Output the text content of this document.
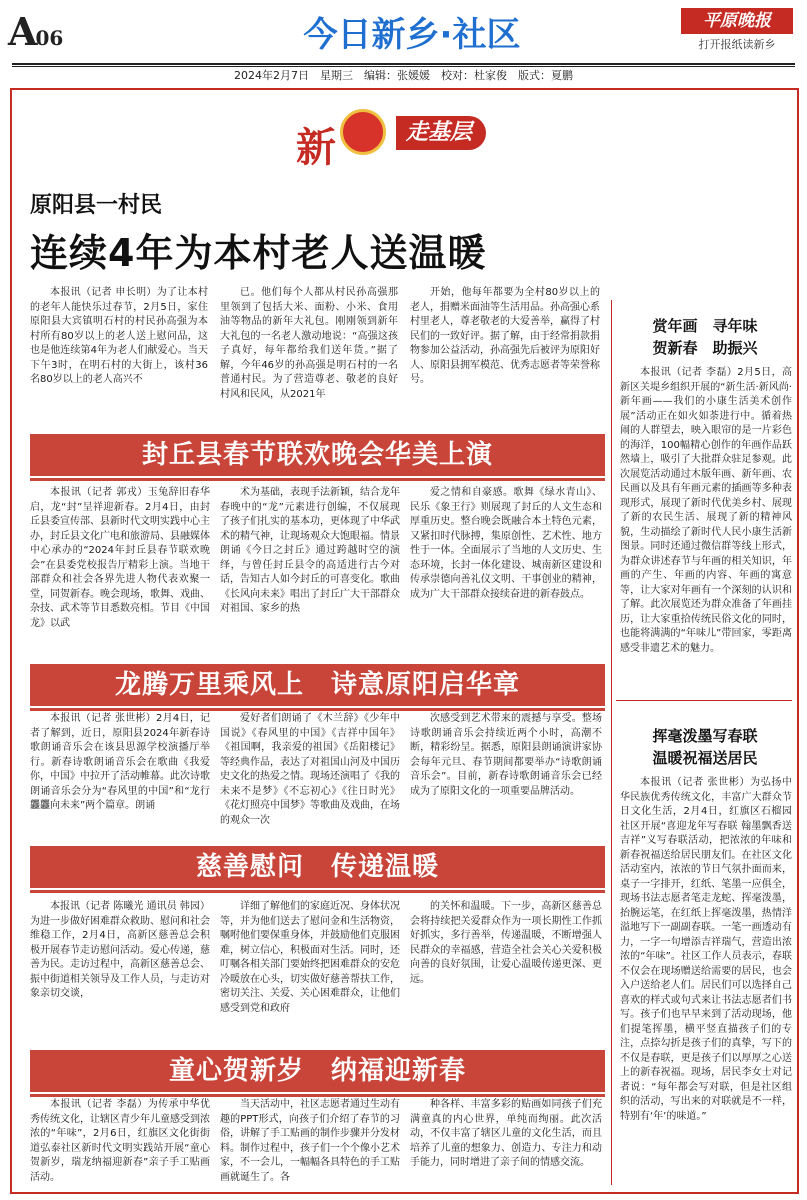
A06	今日新乡·社区	平原晚报
打开报纸读新乡
2024年2月7日　星期三　编辑：张媛媛　校对：杜家俊　版式：夏鹏
新	走基层
原阳县一村民
连续4年为本村老人送温暖

本报讯（记者 申长明）为了让本村的老年人能快乐过春节，2月5日，家住原阳县大宾镇明石村的村民孙高强为本村所有80岁以上的老人送上慰问品，这也是他连续第4年为老人们献爱心。当天下午3时，在明石村的大街上，该村36名80岁以上的老人高兴不

已。他们每个人都从村民孙高强那里领到了包括大米、面粉、小米、食用油等物品的新年大礼包。刚刚领到新年大礼包的一名老人激动地说：“高强这孩子真好，每年都给我们送年货。”据了解，今年46岁的孙高强是明石村的一名普通村民。为了营造尊老、敬老的良好村风和民风，从2021年

开始，他每年都要为全村80岁以上的老人，捐赠米面油等生活用品。孙高强心系村里老人，尊老敬老的大爱善举，赢得了村民们的一致好评。据了解，由于经常捐款捐物参加公益活动，孙高强先后被评为原阳好人、原阳县拥军模范、优秀志愿者等荣誉称号。

赏年画　寻年味
贺新春　助振兴

本报讯（记者 李磊）2月5日，高新区关堤乡组织开展的“新生活·新风尚·新年画——我们的小康生活美术创作展”活动正在如火如荼进行中。循着热闹的人群望去，映入眼帘的是一片彩色的海洋，100幅精心创作的年画作品跃然墙上，吸引了大批群众驻足参观。此次展览活动通过木版年画、新年画、农民画以及具有年画元素的插画等多种表现形式，展现了新时代优美乡村、展现了新的农民生活、展现了新的精神风貌，生动描绘了新时代人民小康生活新图景。同时还通过微信群等线上形式，为群众讲述春节与年画的相关知识，年画的产生、年画的内容、年画的寓意等，让大家对年画有一个深刻的认识和了解。此次展览还为群众准备了年画挂历，让大家重拾传统民俗文化的同时，也能将满满的“年味儿”带回家，零距离感受非遗艺术的魅力。

挥毫泼墨写春联
温暖祝福送居民

本报讯（记者 张世彬）为弘扬中华民族优秀传统文化，丰富广大群众节日文化生活，2月4日，红旗区石榴园社区开展“喜迎龙年写春联 翰墨飘香送吉祥”义写春联活动，把浓浓的年味和新春祝福送给居民朋友们。在社区文化活动室内，浓浓的节日气氛扑面而来，桌子一字排开，红纸、笔墨一应俱全，现场书法志愿者笔走龙蛇、挥毫泼墨，抬腕运笔，在红纸上挥毫泼墨，热情洋溢地写下一副副春联。一笔一画透动有力，一字一句增添吉祥瑞气，营造出浓浓的“年味”。社区工作人员表示，春联不仅会在现场赠送给需要的居民，也会入户送给老人们。居民们可以选择自己喜欢的样式或句式来让书法志愿者们书写。孩子们也早早来到了活动现场，他们提笔挥墨，横平竖直描孩子们的专注，点捺勾折是孩子们的真挚，写下的不仅是春联，更是孩子们以厚厚之心送上的新春祝福。现场，居民李女士对记者说：“每年都会写对联，但是社区组织的活动，写出来的对联就是不一样，特别有‘年’的味道。”

封丘县春节联欢晚会华美上演

本报讯（记者 郭戎）玉兔辞旧春华启，龙“封”呈祥迎新春。2月4日，由封丘县委宣传部、县新时代文明实践中心主办，封丘县文化广电和旅游局、县融媒体中心承办的“2024年封丘县春节联欢晚会”在县委党校报告厅精彩上演。当地干部群众和社会各界先进人物代表欢聚一堂，同贺新春。晚会现场，歌舞、戏曲、杂技、武术等节目悉数亮相。节目《中国龙》以武

术为基础，表现手法新颖，结合龙年春晚中的“龙”元素进行创编，不仅展现了孩子们扎实的基本功，更体现了中华武术的精气神，让现场观众大饱眼福。情景朗诵《今日之封丘》通过跨越时空的演绎，与曾任封丘县令的高适进行古今对话，告知古人如今封丘的可喜变化。歌曲《长风向未来》唱出了封丘广大干部群众对祖国、家乡的热

爱之情和自豪感。歌舞《绿水青山》、民乐《象王行》则展现了封丘的人文生态和厚重历史。整台晚会既融合本土特色元素，又紧扣时代脉搏，集原创性、艺术性、地方性于一体。全面展示了当地的人文历史、生态环境，长封一体化建设、城南新区建设和传承崇德向善礼仪文明、干事创业的精神，成为广大干部群众接续奋进的新春鼓点。

龙腾万里乘风上　诗意原阳启华章

本报讯（记者 张世彬）2月4日，记者了解到，近日，原阳县2024年新春诗歌朗诵音乐会在该县思源学校演播厅举行。新春诗歌朗诵音乐会在歌曲《我爱你，中国》中拉开了活动帷幕。此次诗歌朗诵音乐会分为“春风里的中国”和“龙行龘龘向未来”两个篇章。朗诵

爱好者们朗诵了《木兰辞》《少年中国说》《春风里的中国》《吉祥中国年》《祖国啊，我亲爱的祖国》《岳阳楼记》等经典作品，表达了对祖国山河及中国历史文化的热爱之情。现场还演唱了《我的未来不是梦》《不忘初心》《往日时光》《花灯照亮中国梦》等歌曲及戏曲，在场的观众一次

次感受到艺术带来的震撼与享受。整场诗歌朗诵音乐会持续近两个小时，高潮不断，精彩纷呈。据悉，原阳县朗诵演讲家协会每年元旦、春节期间都要举办“诗歌朗诵音乐会”。目前，新春诗歌朗诵音乐会已经成为了原阳文化的一项重要品牌活动。

慈善慰问　传递温暖

本报讯（记者 陈曦光 通讯员 韩园）为进一步做好困难群众救助、慰问和社会维稳工作，2月4日，高新区慈善总会积极开展春节走访慰问活动。爱心传递，慈善为民。走访过程中，高新区慈善总会、振中街道相关领导及工作人员，与走访对象亲切交谈，

详细了解他们的家庭近况、身体状况等，并为他们送去了慰问金和生活物资，嘱咐他们要保重身体，并鼓励他们克服困难，树立信心，积极面对生活。同时，还叮嘱各相关部门要始终把困难群众的安危冷暖放在心头，切实做好慈善帮扶工作，密切关注、关爱、关心困难群众，让他们感受到党和政府

的关怀和温暖。下一步，高新区慈善总会将持续把关爱群众作为一项长期性工作抓好抓实，多行善举，传递温暖，不断增强人民群众的幸福感，营造全社会关心关爱积极向善的良好氛围，让爱心温暖传递更深、更远。

童心贺新岁　纳福迎新春

本报讯（记者 李磊）为传承中华优秀传统文化，让辖区青少年儿童感受到浓浓的“年味”，2月6日，红旗区文化街街道弘泰社区新时代文明实践站开展“童心贺新岁，瑞龙纳福迎新春”亲子手工贴画活动。

当天活动中，社区志愿者通过生动有趣的PPT形式，向孩子们介绍了春节的习俗，讲解了手工贴画的制作步骤并分发材料。制作过程中，孩子们一个个像小艺术家，不一会儿，一幅幅各具特色的手工贴画就诞生了。各

种各样、丰富多彩的贴画如同孩子们充满童真的内心世界，单纯而绚丽。此次活动，不仅丰富了辖区儿童的文化生活，而且培养了儿童的想象力、创造力、专注力和动手能力，同时增进了亲子间的情感交流。
